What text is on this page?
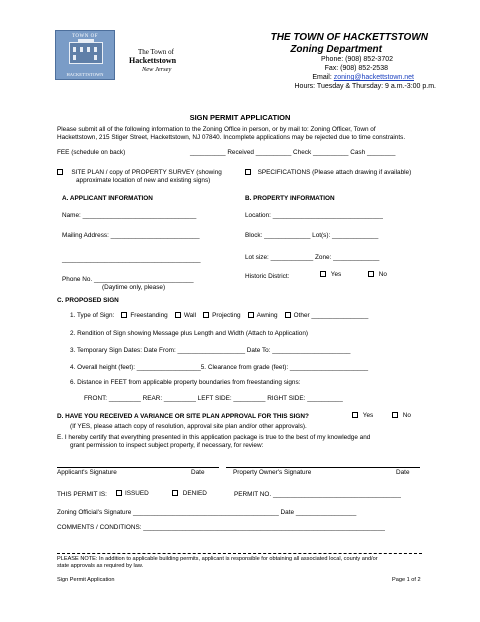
TOWN OF
HACKETTSTOWN
The Town of
Hackettstown
New Jersey
THE TOWN OF HACKETTSTOWN
Zoning Department
Phone: (908) 852-3702
Fax: (908) 852-2538
Email: zoning@hackettstown.net
Hours: Tuesday & Thursday: 9 a.m.-3:00 p.m.
SIGN PERMIT APPLICATION
Please submit all of the following information to the Zoning Office in person, or by mail to: Zoning Officer, Town of
Hackettstown, 215 Stiger Street, Hackettstown, NJ 07840. Incomplete applications may be rejected due to time constraints.
FEE (schedule on back)	__________ Received __________ Check __________ Cash ________
SITE PLAN / copy of PROPERTY SURVEY (showing
approximate location of new and existing signs)
SPECIFICATIONS (Please attach drawing if available)
A. APPLICANT INFORMATION	B. PROPERTY INFORMATION
Name: ________________________________
Mailing Address: _________________________
_______________________________________
Phone No. ____________________________
(Daytime only, please)
Location: _______________________________
Block: _____________ Lot(s): _____________
Lot size: ____________ Zone: _____________
Historic District:	Yes	No
C. PROPOSED SIGN
1. Type of Sign:	Freestanding	Wall	Projecting	Awning	Other ________________
2. Rendition of Sign showing Message plus Length and Width (Attach to Application)
3. Temporary Sign Dates: Date From: ___________________ Date To: ______________________
4. Overall height (feet): __________________5. Clearance from grade (feet): ______________________
6. Distance in FEET from applicable property boundaries from freestanding signs:
FRONT: _________ REAR: _________ LEFT SIDE: _________ RIGHT SIDE: __________
D. HAVE YOU RECEIVED A VARIANCE OR SITE PLAN APPROVAL FOR THIS SIGN?	Yes	No
(If YES, please attach copy of resolution, approval site plan and/or other approvals).
E. I hereby certify that everything presented in this application package is true to the best of my knowledge and
grant permission to inspect subject property, if necessary, for review:
Applicant's Signature	Date	Property Owner's Signature	Date
THIS PERMIT IS:	ISSUED	DENIED	PERMIT NO. ____________________________________
Zoning Official's Signature _________________________________________ Date _________________
COMMENTS / CONDITIONS: ____________________________________________________________________
PLEASE NOTE: In addition to applicable building permits, applicant is responsible for obtaining all associated local, county and/or
state approvals as required by law.
Sign Permit Application	Page 1 of 2
